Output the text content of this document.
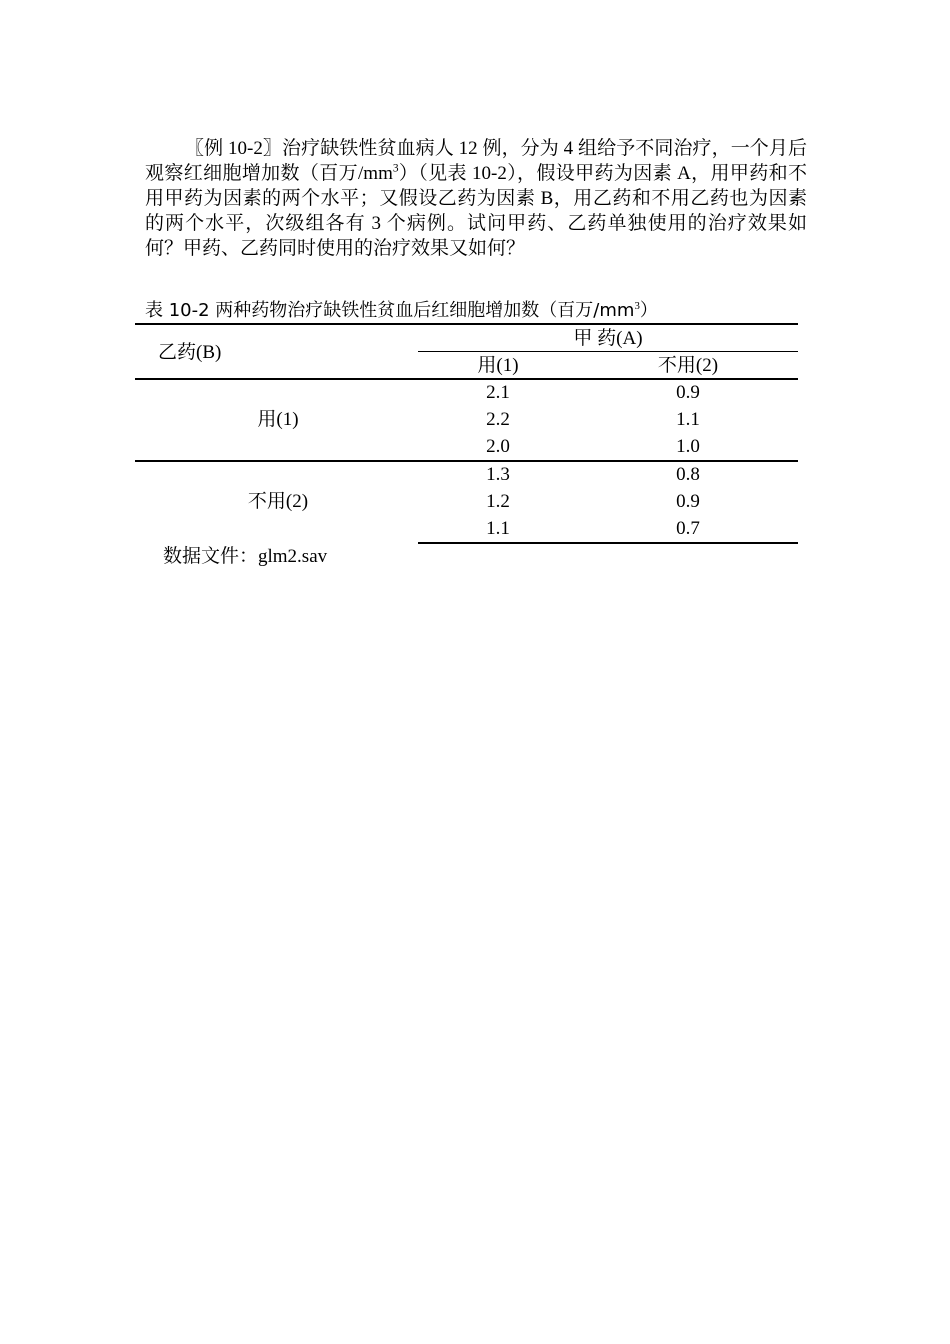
〖例 10-2〗治疗缺铁性贫血病人 12 例，分为 4 组给予不同治疗，一个月后观察红细胞增加数（百万$/mm^3$）（见表 10-2），假设甲药为因素 A，用甲药和不用甲药为因素的两个水平；又假设乙药为因素 B，用乙药和不用乙药也为因素的两个水平，次级组各有 3 个病例。试问甲药、乙药单独使用的治疗效果如何？甲药、乙药同时使用的治疗效果又如何？

表 10-2 两种药物治疗缺铁性贫血后红细胞增加数（百万$/mm^3$）

乙药(B)
甲 药(A)
用(1)	不用(2)
用(1)
2.1	0.9
2.2	1.1
2.0	1.0
不用(2)
1.3	0.8
1.2	0.9
1.1	0.7
数据文件：glm2.sav
